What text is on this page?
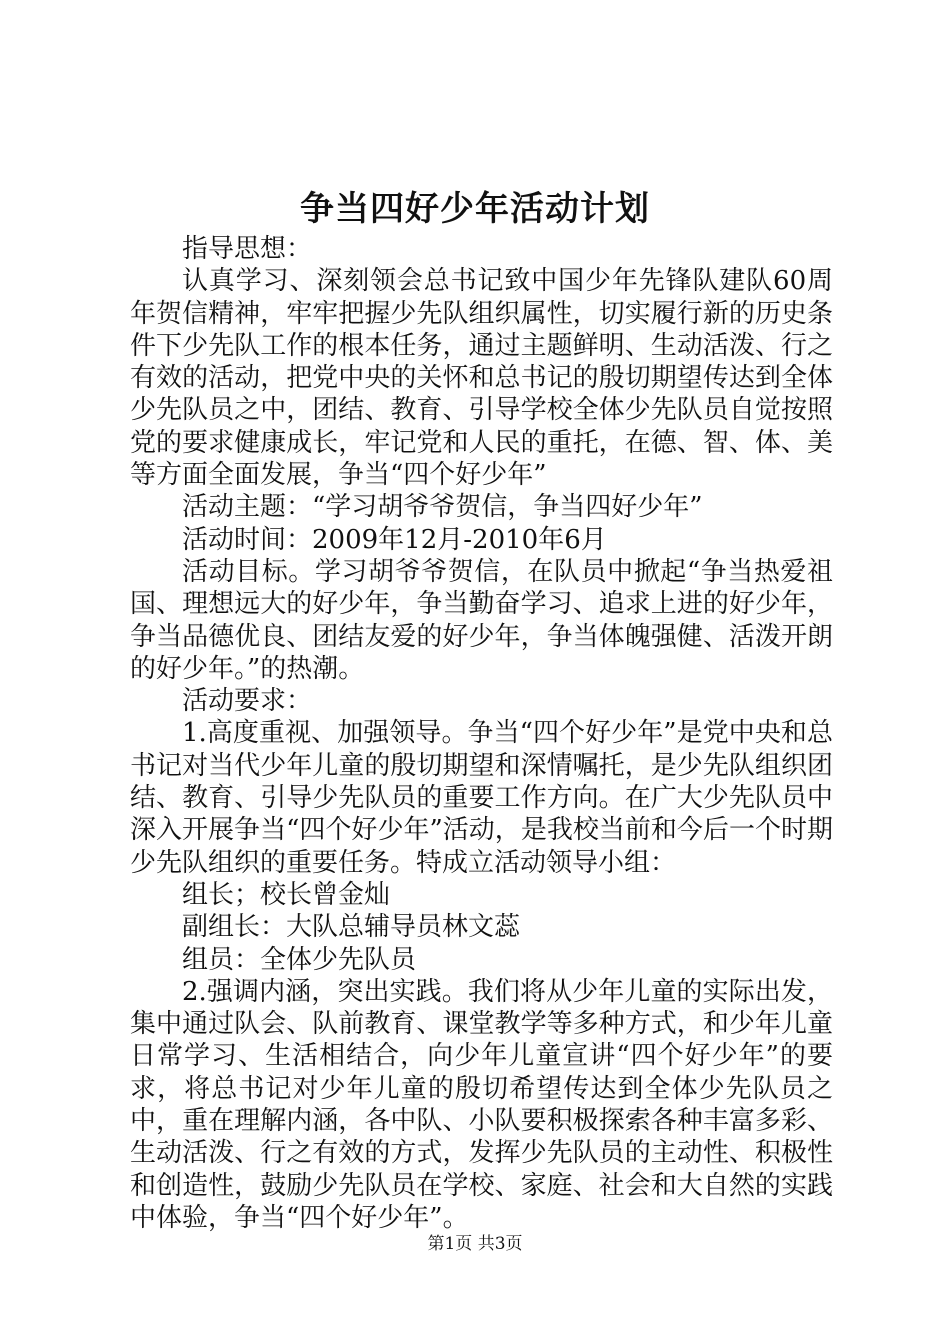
争当四好少年活动计划

指导思想：

认真学习、深刻领会总书记致中国少年先锋队建队60周年贺信精神，牢牢把握少先队组织属性，切实履行新的历史条件下少先队工作的根本任务，通过主题鲜明、生动活泼、行之有效的活动，把党中央的关怀和总书记的殷切期望传达到全体少先队员之中，团结、教育、引导学校全体少先队员自觉按照党的要求健康成长，牢记党和人民的重托，在德、智、体、美等方面全面发展，争当“四个好少年”

活动主题：“学习胡爷爷贺信，争当四好少年”

活动时间：2009年12月-2010年6月

活动目标。学习胡爷爷贺信，在队员中掀起“争当热爱祖国、理想远大的好少年，争当勤奋学习、追求上进的好少年，争当品德优良、团结友爱的好少年，争当体魄强健、活泼开朗的好少年。”的热潮。

活动要求：

1.高度重视、加强领导。争当“四个好少年”是党中央和总书记对当代少年儿童的殷切期望和深情嘱托，是少先队组织团结、教育、引导少先队员的重要工作方向。在广大少先队员中深入开展争当“四个好少年”活动，是我校当前和今后一个时期少先队组织的重要任务。特成立活动领导小组：

组长；校长曾金灿

副组长：大队总辅导员林文蕊

组员：全体少先队员

2.强调内涵，突出实践。我们将从少年儿童的实际出发，集中通过队会、队前教育、课堂教学等多种方式，和少年儿童日常学习、生活相结合，向少年儿童宣讲“四个好少年”的要求，将总书记对少年儿童的殷切希望传达到全体少先队员之中，重在理解内涵，各中队、小队要积极探索各种丰富多彩、生动活泼、行之有效的方式，发挥少先队员的主动性、积极性和创造性，鼓励少先队员在学校、家庭、社会和大自然的实践中体验，争当“四个好少年”。

第1页 共3页
